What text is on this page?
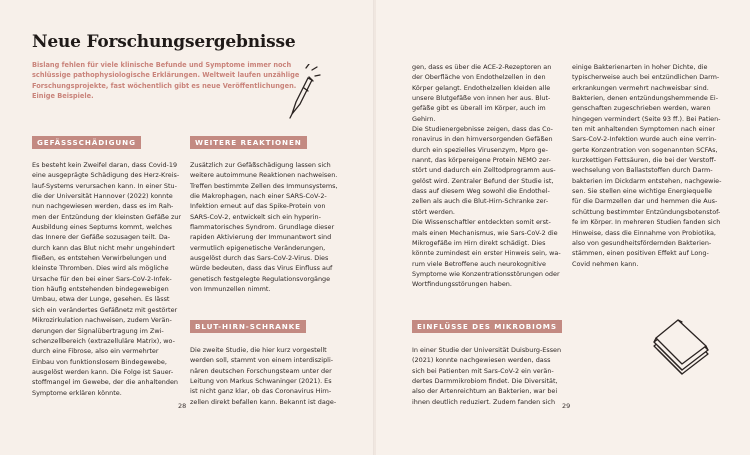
Neue Forschungsergebnisse

Bislang fehlen für viele klinische Befunde und Symptome immer noch
schlüssige pathophysiologische Erklärungen. Weltweit laufen unzählige
Forschungsprojekte, fast wöchentlich gibt es neue Veröffentlichungen.
Einige Beispiele.

GEFÄSSSCHÄDIGUNG

Es besteht kein Zweifel daran, dass Covid-19
eine ausgeprägte Schädigung des Herz-Kreis-
lauf-Systems verursachen kann. In einer Stu-
die der Universität Hannover (2022) konnte
nun nachgewiesen werden, dass es im Rah-
men der Entzündung der kleinsten Gefäße zur
Ausbildung eines Septums kommt, welches
das Innere der Gefäße sozusagen teilt. Da-
durch kann das Blut nicht mehr ungehindert
fließen, es entstehen Verwirbelungen und
kleinste Thromben. Dies wird als mögliche
Ursache für den bei einer Sars-CoV-2-Infek-
tion häufig entstehenden bindegewebigen
Umbau, etwa der Lunge, gesehen. Es lässt
sich ein verändertes Gefäßnetz mit gestörter
Mikrozirkulation nachweisen, zudem Verän-
derungen der Signalübertragung im Zwi-
schenzellbereich (extrazelluläre Matrix), wo-
durch eine Fibrose, also ein vermehrter
Einbau von funktionslosem Bindegewebe,
ausgelöst werden kann. Die Folge ist Sauer-
stoffmangel im Gewebe, der die anhaltenden
Symptome erklären könnte.

WEITERE REAKTIONEN

Zusätzlich zur Gefäßschädigung lassen sich
weitere autoimmune Reaktionen nachweisen.
Treffen bestimmte Zellen des Immunsystems,
die Makrophagen, nach einer SARS-CoV-2-
Infektion erneut auf das Spike-Protein von
SARS-CoV-2, entwickelt sich ein hyperin-
flammatorisches Syndrom. Grundlage dieser
rapiden Aktivierung der Immunantwort sind
vermutlich epigenetische Veränderungen,
ausgelöst durch das Sars-CoV-2-Virus. Dies
würde bedeuten, dass das Virus Einfluss auf
genetisch festgelegte Regulationsvorgänge
von Immunzellen nimmt.

BLUT-HIRN-SCHRANKE

Die zweite Studie, die hier kurz vorgestellt
werden soll, stammt von einem interdiszipli-
nären deutschen Forschungsteam unter der
Leitung von Markus Schwaninger (2021). Es
ist nicht ganz klar, ob das Coronavirus Hirn-
zellen direkt befallen kann. Bekannt ist dage-

28

gen, dass es über die ACE-2-Rezeptoren an
der Oberfläche von Endothelzellen in den
Körper gelangt. Endothelzellen kleiden alle
unsere Blutgefäße von innen her aus. Blut-
gefäße gibt es überall im Körper, auch im
Gehirn.
Die Studienergebnisse zeigen, dass das Co-
ronavirus in den hirnversorgenden Gefäßen
durch ein spezielles Virusenzym, Mpro ge-
nannt, das körpereigene Protein NEMO zer-
stört und dadurch ein Zelltodprogramm aus-
gelöst wird. Zentraler Befund der Studie ist,
dass auf diesem Weg sowohl die Endothel-
zellen als auch die Blut-Hirn-Schranke zer-
stört werden.
Die Wissenschaftler entdeckten somit erst-
mals einen Mechanismus, wie Sars-CoV-2 die
Mikrogefäße im Hirn direkt schädigt. Dies
könnte zumindest ein erster Hinweis sein, wa-
rum viele Betroffene auch neurokognitive
Symptome wie Konzentrationsstörungen oder
Wortfindungsstörungen haben.

EINFLÜSSE DES MIKROBIOMS

In einer Studie der Universität Duisburg-Essen
(2021) konnte nachgewiesen werden, dass
sich bei Patienten mit Sars-CoV-2 ein verän-
dertes Darmmikrobiom findet. Die Diversität,
also der Artenreichtum an Bakterien, war bei
ihnen deutlich reduziert. Zudem fanden sich

einige Bakterienarten in hoher Dichte, die
typischerweise auch bei entzündlichen Darm-
erkrankungen vermehrt nachweisbar sind.
Bakterien, denen entzündungshemmende Ei-
genschaften zugeschrieben werden, waren
hingegen vermindert (Seite 93 ff.). Bei Patien-
ten mit anhaltenden Symptomen nach einer
Sars-CoV-2-Infektion wurde auch eine verrin-
gerte Konzentration von sogenannten SCFAs,
kurzkettigen Fettsäuren, die bei der Verstoff-
wechselung von Ballaststoffen durch Darm-
bakterien im Dickdarm entstehen, nachgewie-
sen. Sie stellen eine wichtige Energiequelle
für die Darmzellen dar und hemmen die Aus-
schüttung bestimmter Entzündungsbotenstof-
fe im Körper. In mehreren Studien fanden sich
Hinweise, dass die Einnahme von Probiotika,
also von gesundheitsfördernden Bakterien-
stämmen, einen positiven Effekt auf Long-
Covid nehmen kann.

29
